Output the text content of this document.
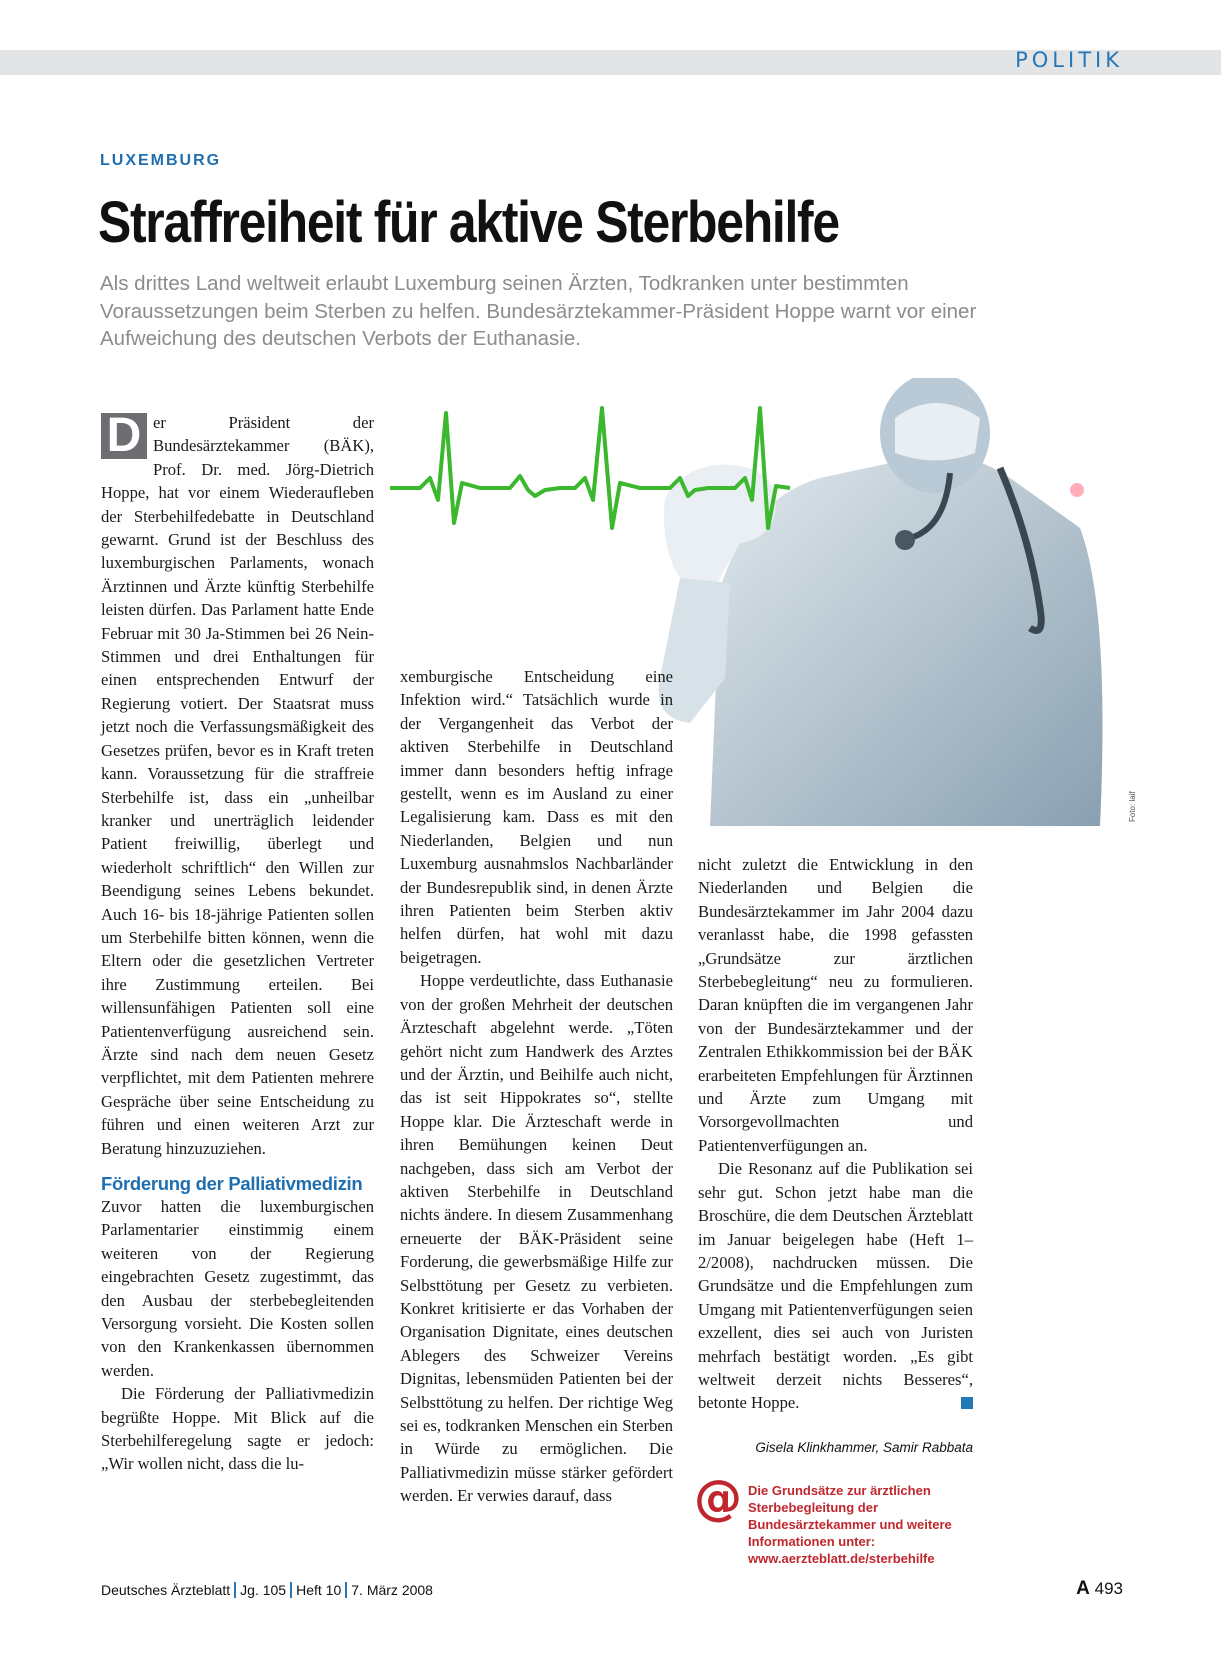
POLITIK
LUXEMBURG
Straffreiheit für aktive Sterbehilfe

Als drittes Land weltweit erlaubt Luxemburg seinen Ärzten, Todkranken unter bestimmten Voraussetzungen beim Sterben zu helfen. Bundesärztekammer-Präsident Hoppe warnt vor einer Aufweichung des deutschen Verbots der Euthanasie.

Foto: laif
D er Präsident der Bundesärztekammer (BÄK), Prof. Dr. med. Jörg-Dietrich Hoppe, hat vor einem Wiederaufleben der Sterbehilfedebatte in Deutschland gewarnt. Grund ist der Beschluss des luxemburgischen Parlaments, wonach Ärztinnen und Ärzte künftig Sterbehilfe leisten dürfen. Das Parlament hatte Ende Februar mit 30 Ja-Stimmen bei 26 Nein-Stimmen und drei Enthaltungen für einen entsprechenden Entwurf der Regierung votiert. Der Staatsrat muss jetzt noch die Verfassungsmäßigkeit des Gesetzes prüfen, bevor es in Kraft treten kann. Voraussetzung für die straffreie Sterbehilfe ist, dass ein „unheilbar kranker und unerträglich leidender Patient freiwillig, überlegt und wiederholt schriftlich“ den Willen zur Beendigung seines Lebens bekundet. Auch 16- bis 18-jährige Patienten sollen um Sterbehilfe bitten können, wenn die Eltern oder die gesetzlichen Vertreter ihre Zustimmung erteilen. Bei willensunfähigen Patienten soll eine Patientenverfügung ausreichend sein. Ärzte sind nach dem neuen Gesetz verpflichtet, mit dem Patienten mehrere Gespräche über seine Entscheidung zu führen und einen weiteren Arzt zur Beratung hinzuzuziehen.

Förderung der Palliativmedizin

Zuvor hatten die luxemburgischen Parlamentarier einstimmig einem weiteren von der Regierung eingebrachten Gesetz zugestimmt, das den Ausbau der sterbebegleitenden Versorgung vorsieht. Die Kosten sollen von den Krankenkassen übernommen werden.

Die Förderung der Palliativmedizin begrüßte Hoppe. Mit Blick auf die Sterbehilferegelung sagte er jedoch: „Wir wollen nicht, dass die lu-

xemburgische Entscheidung eine Infektion wird.“ Tatsächlich wurde in der Vergangenheit das Verbot der aktiven Sterbehilfe in Deutschland immer dann besonders heftig infrage gestellt, wenn es im Ausland zu einer Legalisierung kam. Dass es mit den Niederlanden, Belgien und nun Luxemburg ausnahmslos Nachbarländer der Bundesrepublik sind, in denen Ärzte ihren Patienten beim Sterben aktiv helfen dürfen, hat wohl mit dazu beigetragen.

Hoppe verdeutlichte, dass Euthanasie von der großen Mehrheit der deutschen Ärzteschaft abgelehnt werde. „Töten gehört nicht zum Handwerk des Arztes und der Ärztin, und Beihilfe auch nicht, das ist seit Hippokrates so“, stellte Hoppe klar. Die Ärzteschaft werde in ihren Bemühungen keinen Deut nachgeben, dass sich am Verbot der aktiven Sterbehilfe in Deutschland nichts ändere. In diesem Zusammenhang erneuerte der BÄK-Präsident seine Forderung, die gewerbsmäßige Hilfe zur Selbsttötung per Gesetz zu verbieten. Konkret kritisierte er das Vorhaben der Organisation Dignitate, eines deutschen Ablegers des Schweizer Vereins Dignitas, lebensmüden Patienten bei der Selbsttötung zu helfen. Der richtige Weg sei es, todkranken Menschen ein Sterben in Würde zu ermöglichen. Die Palliativmedizin müsse stärker gefördert werden. Er verwies darauf, dass

nicht zuletzt die Entwicklung in den Niederlanden und Belgien die Bundesärztekammer im Jahr 2004 dazu veranlasst habe, die 1998 gefassten „Grundsätze zur ärztlichen Sterbebegleitung“ neu zu formulieren. Daran knüpften die im vergangenen Jahr von der Bundesärztekammer und der Zentralen Ethikkommission bei der BÄK erarbeiteten Empfehlungen für Ärztinnen und Ärzte zum Umgang mit Vorsorgevollmachten und Patientenverfügungen an.

Die Resonanz auf die Publikation sei sehr gut. Schon jetzt habe man die Broschüre, die dem Deutschen Ärzteblatt im Januar beigelegen habe (Heft 1–2/2008), nachdrucken müssen. Die Grundsätze und die Empfehlungen zum Umgang mit Patientenverfügungen seien exzellent, dies sei auch von Juristen mehrfach bestätigt worden. „Es gibt weltweit derzeit nichts Besseres“, betonte Hoppe.

Gisela Klinkhammer, Samir Rabbata
@ Die Grundsätze zur ärztlichen Sterbebegleitung der Bundesärztekammer und weitere Informationen unter: www.aerzteblatt.de/sterbehilfe

Deutsches Ärzteblatt Jg. 105 Heft 10 7. März 2008	A 493
